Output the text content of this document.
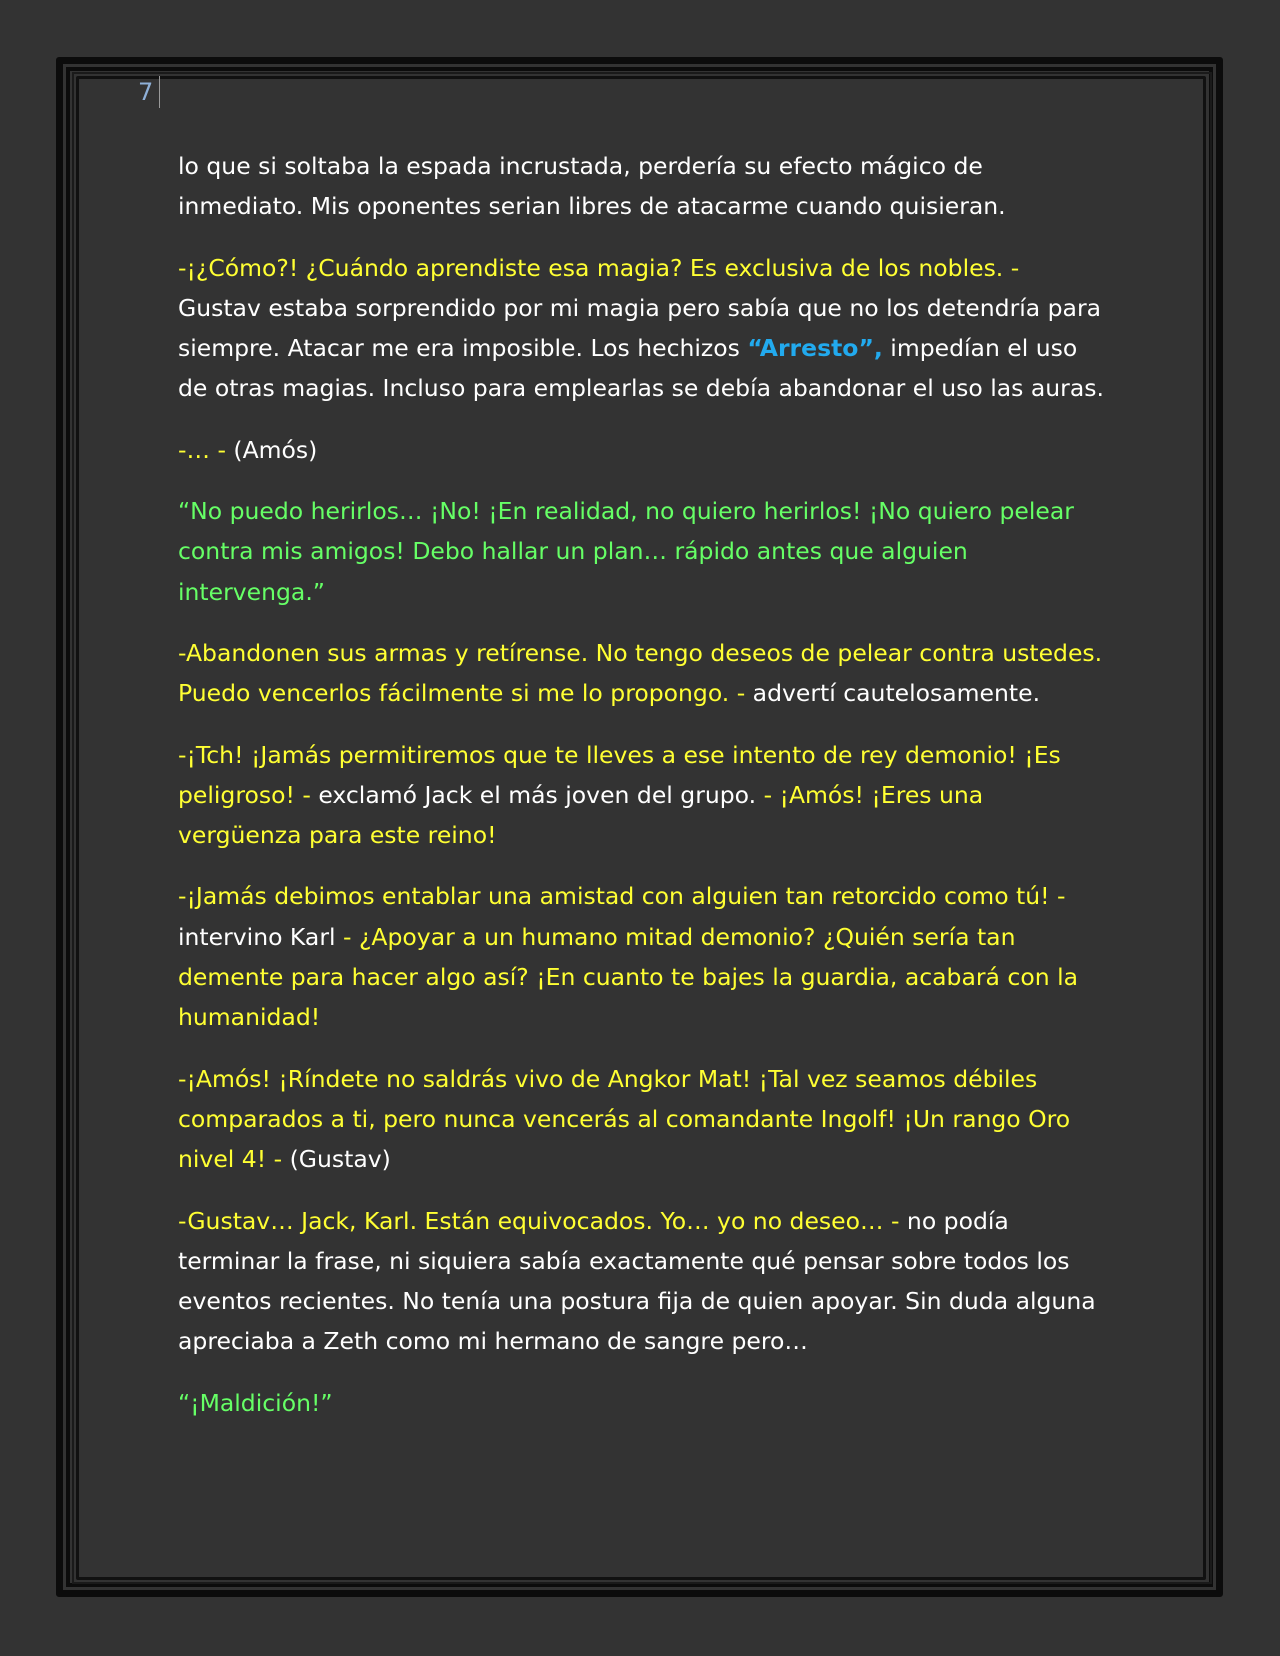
7

lo que si soltaba la espada incrustada, perdería su efecto mágico de inmediato. Mis oponentes serian libres de atacarme cuando quisieran.

-¡¿Cómo?! ¿Cuándo aprendiste esa magia? Es exclusiva de los nobles. - Gustav estaba sorprendido por mi magia pero sabía que no los detendría para siempre. Atacar me era imposible. Los hechizos “Arresto”, impedían el uso de otras magias. Incluso para emplearlas se debía abandonar el uso las auras.

-… - (Amós)

“No puedo herirlos… ¡No! ¡En realidad, no quiero herirlos! ¡No quiero pelear contra mis amigos! Debo hallar un plan… rápido antes que alguien intervenga.”

-Abandonen sus armas y retírense. No tengo deseos de pelear contra ustedes. Puedo vencerlos fácilmente si me lo propongo. - advertí cautelosamente.

-¡Tch! ¡Jamás permitiremos que te lleves a ese intento de rey demonio! ¡Es peligroso! - exclamó Jack el más joven del grupo. - ¡Amós! ¡Eres una vergüenza para este reino!

-¡Jamás debimos entablar una amistad con alguien tan retorcido como tú! - intervino Karl - ¿Apoyar a un humano mitad demonio? ¿Quién sería tan demente para hacer algo así? ¡En cuanto te bajes la guardia, acabará con la humanidad!

-¡Amós! ¡Ríndete no saldrás vivo de Angkor Mat! ¡Tal vez seamos débiles comparados a ti, pero nunca vencerás al comandante Ingolf! ¡Un rango Oro nivel 4! - (Gustav)

-Gustav… Jack, Karl. Están equivocados. Yo… yo no deseo… - no podía terminar la frase, ni siquiera sabía exactamente qué pensar sobre todos los eventos recientes. No tenía una postura fija de quien apoyar. Sin duda alguna apreciaba a Zeth como mi hermano de sangre pero…

“¡Maldición!”
